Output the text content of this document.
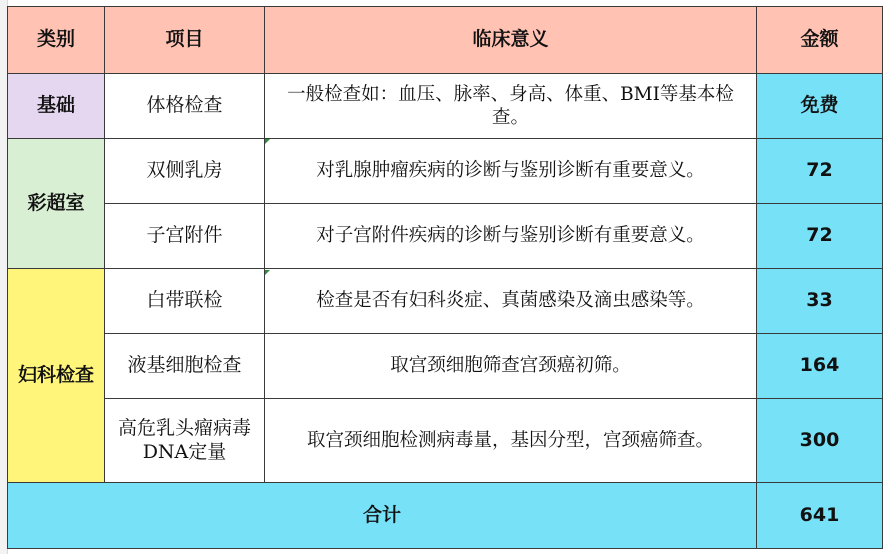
类别	项目	临床意义	金额
基础	体格检查	一般检查如：血压、脉率、身高、体重、BMI等基本检查。	免费
彩超室	双侧乳房	对乳腺肿瘤疾病的诊断与鉴别诊断有重要意义。	72
	子宫附件	对子宫附件疾病的诊断与鉴别诊断有重要意义。	72
妇科检查	白带联检	检查是否有妇科炎症、真菌感染及滴虫感染等。	33
	液基细胞检查	取宫颈细胞筛查宫颈癌初筛。	164
	高危乳头瘤病毒DNA定量	取宫颈细胞检测病毒量，基因分型，宫颈癌筛查。	300
合计			641
